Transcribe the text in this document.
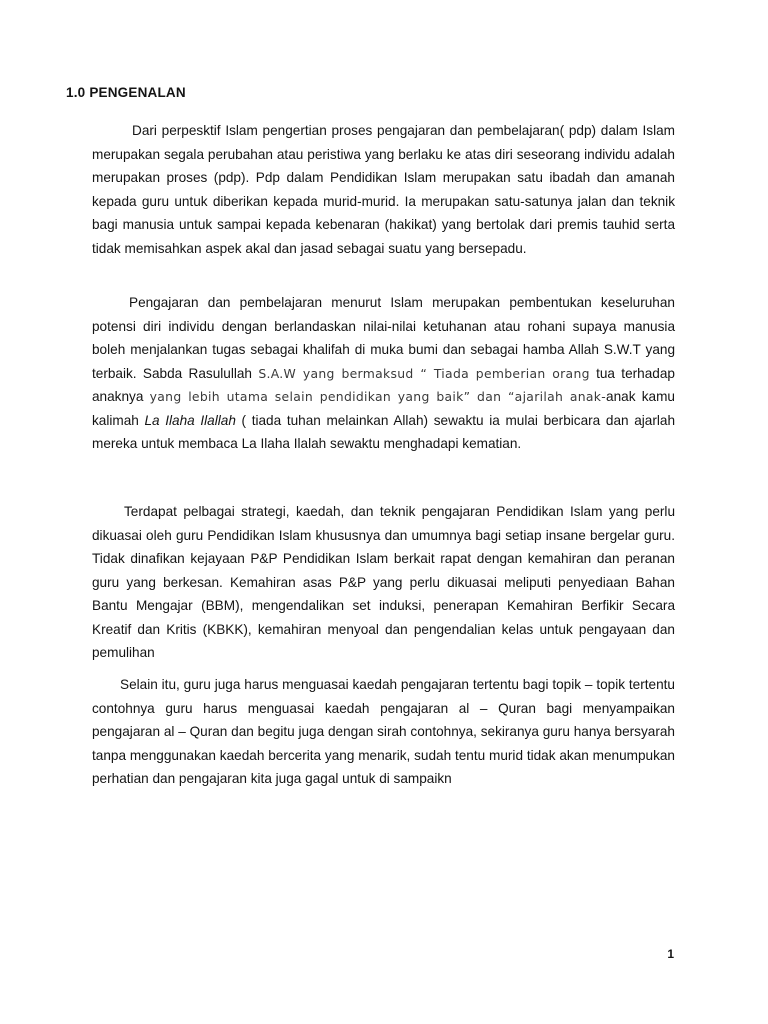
1.0 PENGENALAN

Dari perpesktif Islam pengertian proses pengajaran dan pembelajaran( pdp) dalam Islam merupakan segala perubahan atau peristiwa yang berlaku ke atas diri seseorang individu adalah merupakan proses (pdp). Pdp dalam Pendidikan Islam merupakan satu ibadah dan amanah kepada guru untuk diberikan kepada murid-murid. Ia merupakan satu-satunya jalan dan teknik bagi manusia untuk sampai kepada kebenaran (hakikat) yang bertolak dari premis tauhid serta tidak memisahkan aspek akal dan jasad sebagai suatu yang bersepadu.

Pengajaran dan pembelajaran menurut Islam merupakan pembentukan keseluruhan potensi diri individu dengan berlandaskan nilai-nilai ketuhanan atau rohani supaya manusia boleh menjalankan tugas sebagai khalifah di muka bumi dan sebagai hamba Allah S.W.T yang terbaik. Sabda Rasulullah S.A.W yang bermaksud “ Tiada pemberian orang tua terhadap anaknya yang lebih utama selain pendidikan yang baik” dan “ajarilah anak-anak kamu kalimah La Ilaha Ilallah ( tiada tuhan melainkan Allah) sewaktu ia mulai berbicara dan ajarlah mereka untuk membaca La Ilaha Ilalah sewaktu menghadapi kematian.

Terdapat pelbagai strategi, kaedah, dan teknik pengajaran Pendidikan Islam yang perlu dikuasai oleh guru Pendidikan Islam khususnya dan umumnya bagi setiap insane bergelar guru. Tidak dinafikan kejayaan P&P Pendidikan Islam berkait rapat dengan kemahiran dan peranan guru yang berkesan. Kemahiran asas P&P yang perlu dikuasai meliputi penyediaan Bahan Bantu Mengajar (BBM), mengendalikan set induksi, penerapan Kemahiran Berfikir Secara Kreatif dan Kritis (KBKK), kemahiran menyoal dan pengendalian kelas untuk pengayaan dan pemulihan

Selain itu, guru juga harus menguasai kaedah pengajaran tertentu bagi topik – topik tertentu contohnya guru harus menguasai kaedah pengajaran al – Quran bagi menyampaikan pengajaran al – Quran dan begitu juga dengan sirah contohnya, sekiranya guru hanya bersyarah tanpa menggunakan kaedah bercerita yang menarik, sudah tentu murid tidak akan menumpukan perhatian dan pengajaran kita juga gagal untuk di sampaikn

1
